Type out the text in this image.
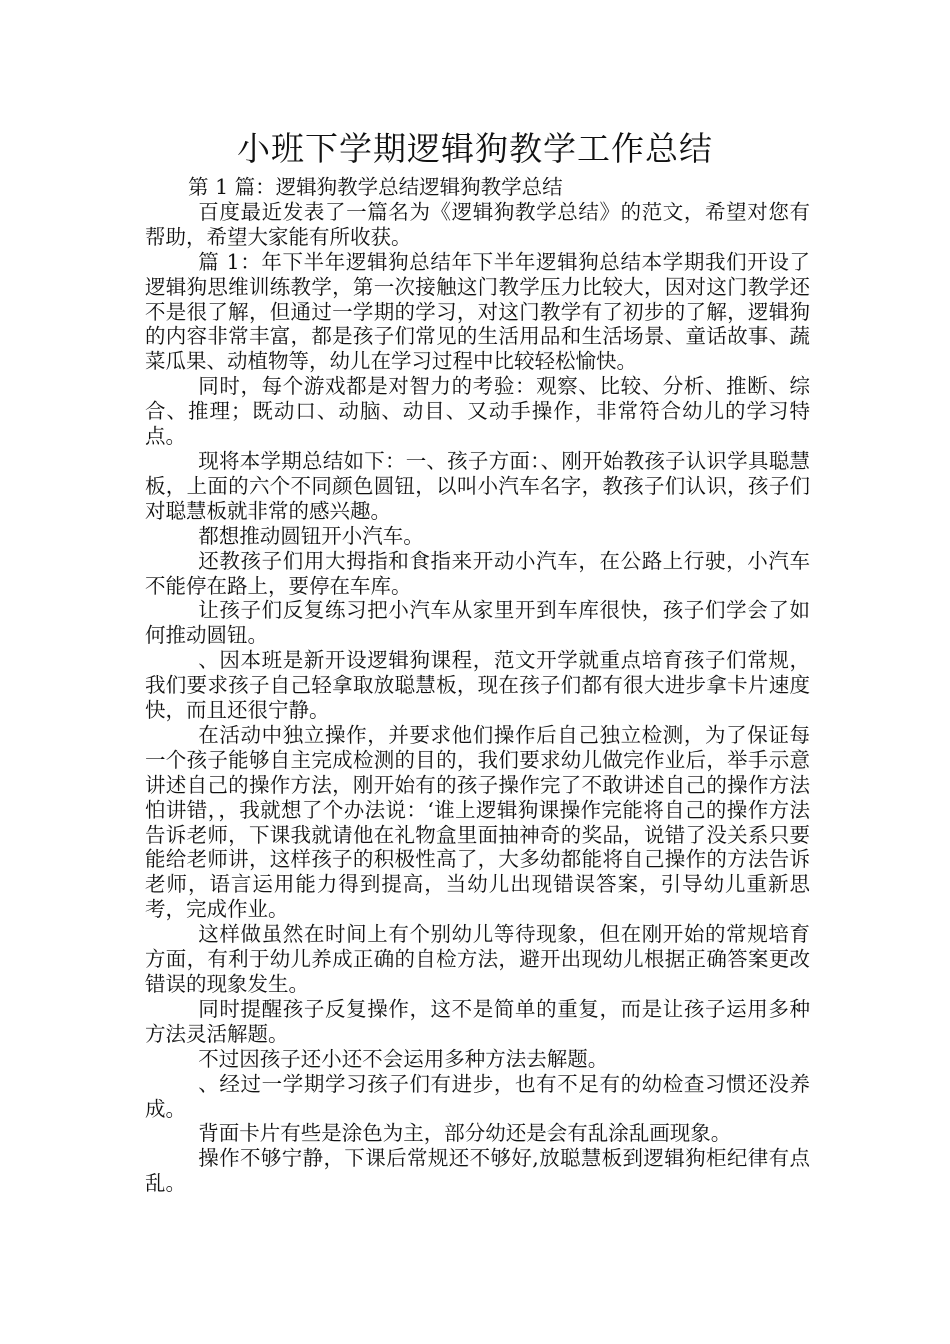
小班下学期逻辑狗教学工作总结

第 1 篇：逻辑狗教学总结逻辑狗教学总结

百度最近发表了一篇名为《逻辑狗教学总结》的范文，希望对您有帮助，希望大家能有所收获。

篇 1：年下半年逻辑狗总结年下半年逻辑狗总结本学期我们开设了逻辑狗思维训练教学，第一次接触这门教学压力比较大，因对这门教学还不是很了解，但通过一学期的学习，对这门教学有了初步的了解，逻辑狗的内容非常丰富，都是孩子们常见的生活用品和生活场景、童话故事、蔬菜瓜果、动植物等，幼儿在学习过程中比较轻松愉快。

同时，每个游戏都是对智力的考验：观察、比较、分析、推断、综合、推理；既动口、动脑、动目、又动手操作，非常符合幼儿的学习特点。

现将本学期总结如下：一、孩子方面：、刚开始教孩子认识学具聪慧板，上面的六个不同颜色圆钮，以叫小汽车名字，教孩子们认识，孩子们对聪慧板就非常的感兴趣。

都想推动圆钮开小汽车。

还教孩子们用大拇指和食指来开动小汽车，在公路上行驶，小汽车不能停在路上，要停在车库。

让孩子们反复练习把小汽车从家里开到车库很快，孩子们学会了如何推动圆钮。

、因本班是新开设逻辑狗课程，范文开学就重点培育孩子们常规，我们要求孩子自己轻拿取放聪慧板，现在孩子们都有很大进步拿卡片速度快，而且还很宁静。

在活动中独立操作，并要求他们操作后自己独立检测，为了保证每一个孩子能够自主完成检测的目的，我们要求幼儿做完作业后，举手示意讲述自己的操作方法，刚开始有的孩子操作完了不敢讲述自己的操作方法怕讲错，，我就想了个办法说：‘谁上逻辑狗课操作完能将自己的操作方法告诉老师，下课我就请他在礼物盒里面抽神奇的奖品，说错了没关系只要能给老师讲，这样孩子的积极性高了，大多幼都能将自己操作的方法告诉老师，语言运用能力得到提高，当幼儿出现错误答案，引导幼儿重新思考，完成作业。

这样做虽然在时间上有个别幼儿等待现象，但在刚开始的常规培育方面，有利于幼儿养成正确的自检方法，避开出现幼儿根据正确答案更改错误的现象发生。

同时提醒孩子反复操作，这不是简单的重复，而是让孩子运用多种方法灵活解题。

不过因孩子还小还不会运用多种方法去解题。

、经过一学期学习孩子们有进步，也有不足有的幼检查习惯还没养成。

背面卡片有些是涂色为主，部分幼还是会有乱涂乱画现象。

操作不够宁静，下课后常规还不够好,放聪慧板到逻辑狗柜纪律有点乱。
